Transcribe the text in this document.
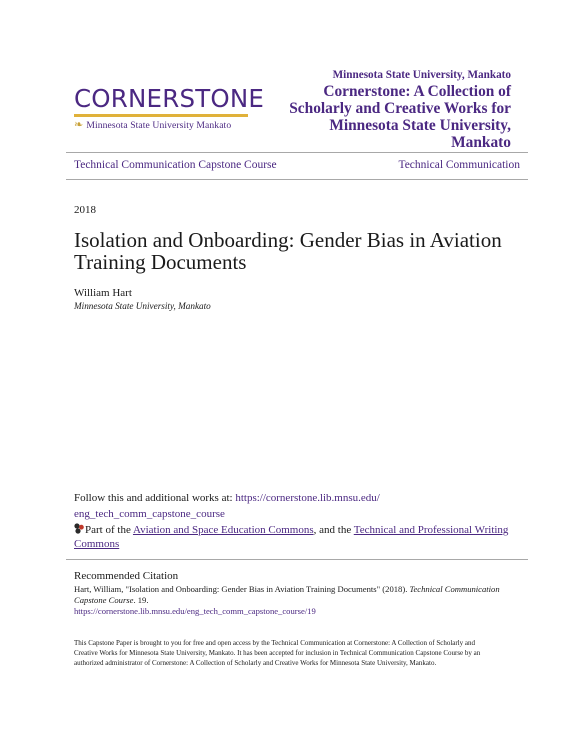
CORNERSTONE
❧ Minnesota State University Mankato
Minnesota State University, Mankato
Cornerstone: A Collection of Scholarly and Creative Works for Minnesota State University, Mankato
Technical Communication Capstone Course	Technical Communication
2018
Isolation and Onboarding: Gender Bias in Aviation Training Documents
William Hart
Minnesota State University, Mankato
Follow this and additional works at: https://cornerstone.lib.mnsu.edu/
eng_tech_comm_capstone_course
Part of the Aviation and Space Education Commons, and the Technical and Professional Writing Commons
Recommended Citation
Hart, William, "Isolation and Onboarding: Gender Bias in Aviation Training Documents" (2018). Technical Communication Capstone Course. 19.
https://cornerstone.lib.mnsu.edu/eng_tech_comm_capstone_course/19
This Capstone Paper is brought to you for free and open access by the Technical Communication at Cornerstone: A Collection of Scholarly and Creative Works for Minnesota State University, Mankato. It has been accepted for inclusion in Technical Communication Capstone Course by an authorized administrator of Cornerstone: A Collection of Scholarly and Creative Works for Minnesota State University, Mankato.
